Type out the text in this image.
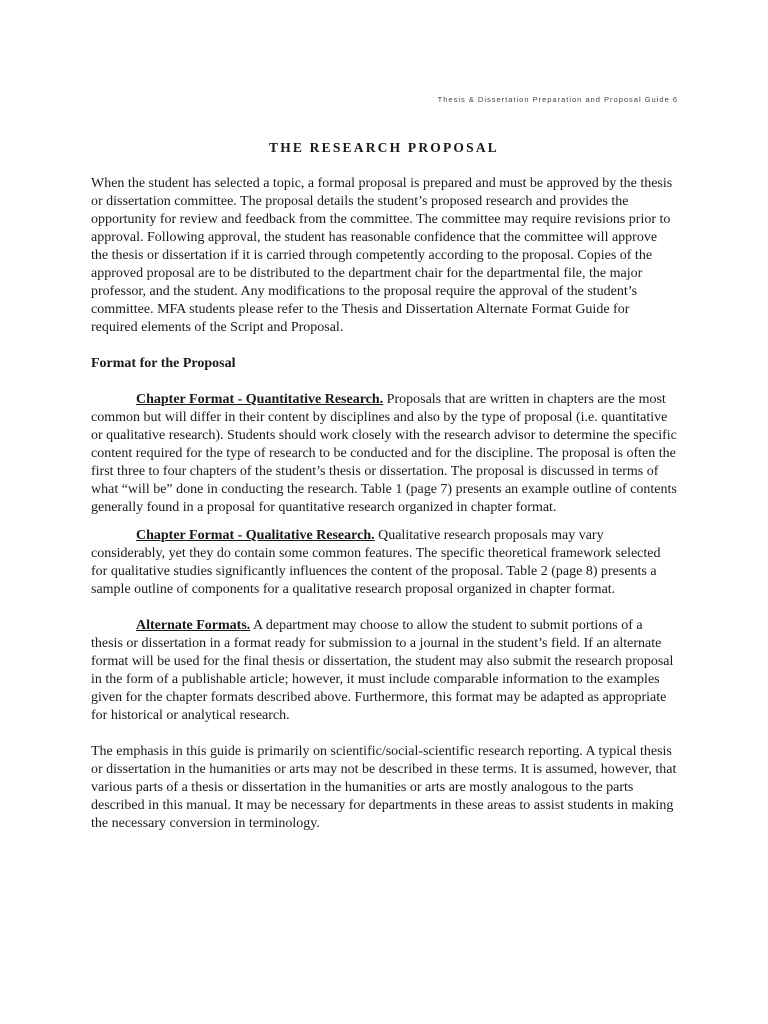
Thesis & Dissertation Preparation and Proposal Guide 6
THE RESEARCH PROPOSAL

When the student has selected a topic, a formal proposal is prepared and must be approved by the thesis or dissertation committee. The proposal details the student’s proposed research and provides the opportunity for review and feedback from the committee. The committee may require revisions prior to approval. Following approval, the student has reasonable confidence that the committee will approve the thesis or dissertation if it is carried through competently according to the proposal. Copies of the approved proposal are to be distributed to the department chair for the departmental file, the major professor, and the student. Any modifications to the proposal require the approval of the student’s committee. MFA students please refer to the Thesis and Dissertation Alternate Format Guide for required elements of the Script and Proposal.

Format for the Proposal

Chapter Format - Quantitative Research. Proposals that are written in chapters are the most common but will differ in their content by disciplines and also by the type of proposal (i.e. quantitative or qualitative research). Students should work closely with the research advisor to determine the specific content required for the type of research to be conducted and for the discipline. The proposal is often the first three to four chapters of the student’s thesis or dissertation. The proposal is discussed in terms of what “will be” done in conducting the research. Table 1 (page 7) presents an example outline of contents generally found in a proposal for quantitative research organized in chapter format.

Chapter Format - Qualitative Research. Qualitative research proposals may vary considerably, yet they do contain some common features. The specific theoretical framework selected for qualitative studies significantly influences the content of the proposal. Table 2 (page 8) presents a sample outline of components for a qualitative research proposal organized in chapter format.

Alternate Formats. A department may choose to allow the student to submit portions of a thesis or dissertation in a format ready for submission to a journal in the student’s field. If an alternate format will be used for the final thesis or dissertation, the student may also submit the research proposal in the form of a publishable article; however, it must include comparable information to the examples given for the chapter formats described above. Furthermore, this format may be adapted as appropriate for historical or analytical research.

The emphasis in this guide is primarily on scientific/social-scientific research reporting. A typical thesis or dissertation in the humanities or arts may not be described in these terms. It is assumed, however, that various parts of a thesis or dissertation in the humanities or arts are mostly analogous to the parts described in this manual. It may be necessary for departments in these areas to assist students in making the necessary conversion in terminology.
